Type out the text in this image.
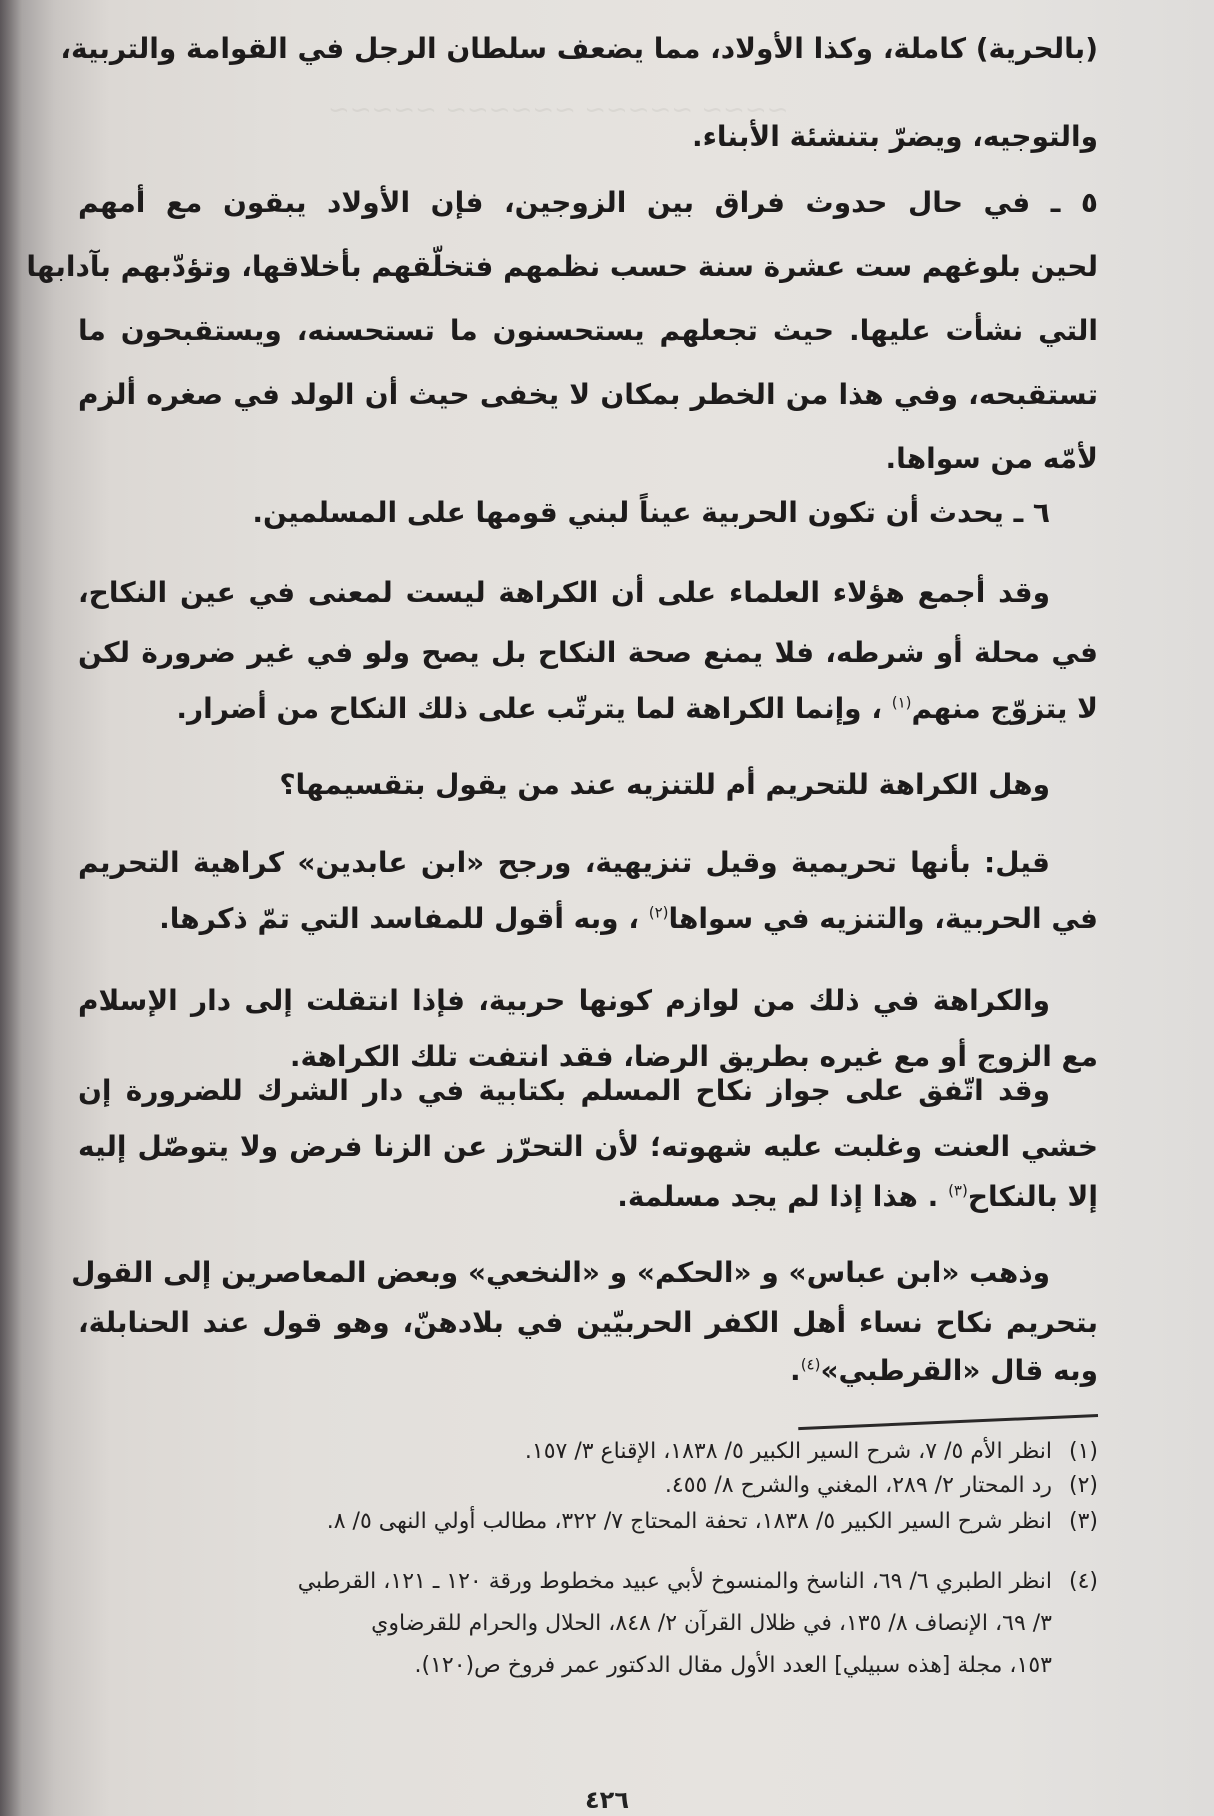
~~~~ ~~~~~ ~~~~~~ ~~~~~
(بالحرية) كاملة، وكذا الأولاد، مما يضعف سلطان الرجل في القوامة والتربية،
والتوجيه، ويضرّ بتنشئة الأبناء.
٥ ـ في حال حدوث فراق بين الزوجين، فإن الأولاد يبقون مع أمهم
لحين بلوغهم ست عشرة سنة حسب نظمهم فتخلّقهم بأخلاقها، وتؤدّبهم بآدابها
التي نشأت عليها. حيث تجعلهم يستحسنون ما تستحسنه، ويستقبحون ما
تستقبحه، وفي هذا من الخطر بمكان لا يخفى حيث أن الولد في صغره ألزم
لأمّه من سواها.
٦ ـ يحدث أن تكون الحربية عيناً لبني قومها على المسلمين.
وقد أجمع هؤلاء العلماء على أن الكراهة ليست لمعنى في عين النكاح،
في محلة أو شرطه، فلا يمنع صحة النكاح بل يصح ولو في غير ضرورة لكن
لا يتزوّج منهم$^{(١)}$ ، وإنما الكراهة لما يترتّب على ذلك النكاح من أضرار.
وهل الكراهة للتحريم أم للتنزيه عند من يقول بتقسيمها؟
قيل: بأنها تحريمية وقيل تنزيهية، ورجح «ابن عابدين» كراهية التحريم
في الحربية، والتنزيه في سواها$^{(٢)}$ ، وبه أقول للمفاسد التي تمّ ذكرها.
والكراهة في ذلك من لوازم كونها حربية، فإذا انتقلت إلى دار الإسلام
مع الزوج أو مع غيره بطريق الرضا، فقد انتفت تلك الكراهة.
وقد اتّفق على جواز نكاح المسلم بكتابية في دار الشرك للضرورة إن
خشي العنت وغلبت عليه شهوته؛ لأن التحرّز عن الزنا فرض ولا يتوصّل إليه
إلا بالنكاح$^{(٣)}$ . هذا إذا لم يجد مسلمة.
وذهب «ابن عباس» و «الحكم» و «النخعي» وبعض المعاصرين إلى القول
بتحريم نكاح نساء أهل الكفر الحربيّين في بلادهنّ، وهو قول عند الحنابلة،
وبه قال «القرطبي»$^{(٤)}$.
(١)انظر الأم ٥/ ٧، شرح السير الكبير ٥/ ١٨٣٨، الإقناع ٣/ ١٥٧.
(٢)رد المحتار ٢/ ٢٨٩، المغني والشرح ٨/ ٤٥٥.
(٣)انظر شرح السير الكبير ٥/ ١٨٣٨، تحفة المحتاج ٧/ ٣٢٢، مطالب أولي النهى ٥/ ٨.
(٤)انظر الطبري ٦/ ٦٩، الناسخ والمنسوخ لأبي عبيد مخطوط ورقة ١٢٠ ـ ١٢١، القرطبي
٣/ ٦٩، الإنصاف ٨/ ١٣٥، في ظلال القرآن ٢/ ٨٤٨، الحلال والحرام للقرضاوي
١٥٣، مجلة [هذه سبيلي] العدد الأول مقال الدكتور عمر فروخ ص(١٢٠).
٤٢٦
